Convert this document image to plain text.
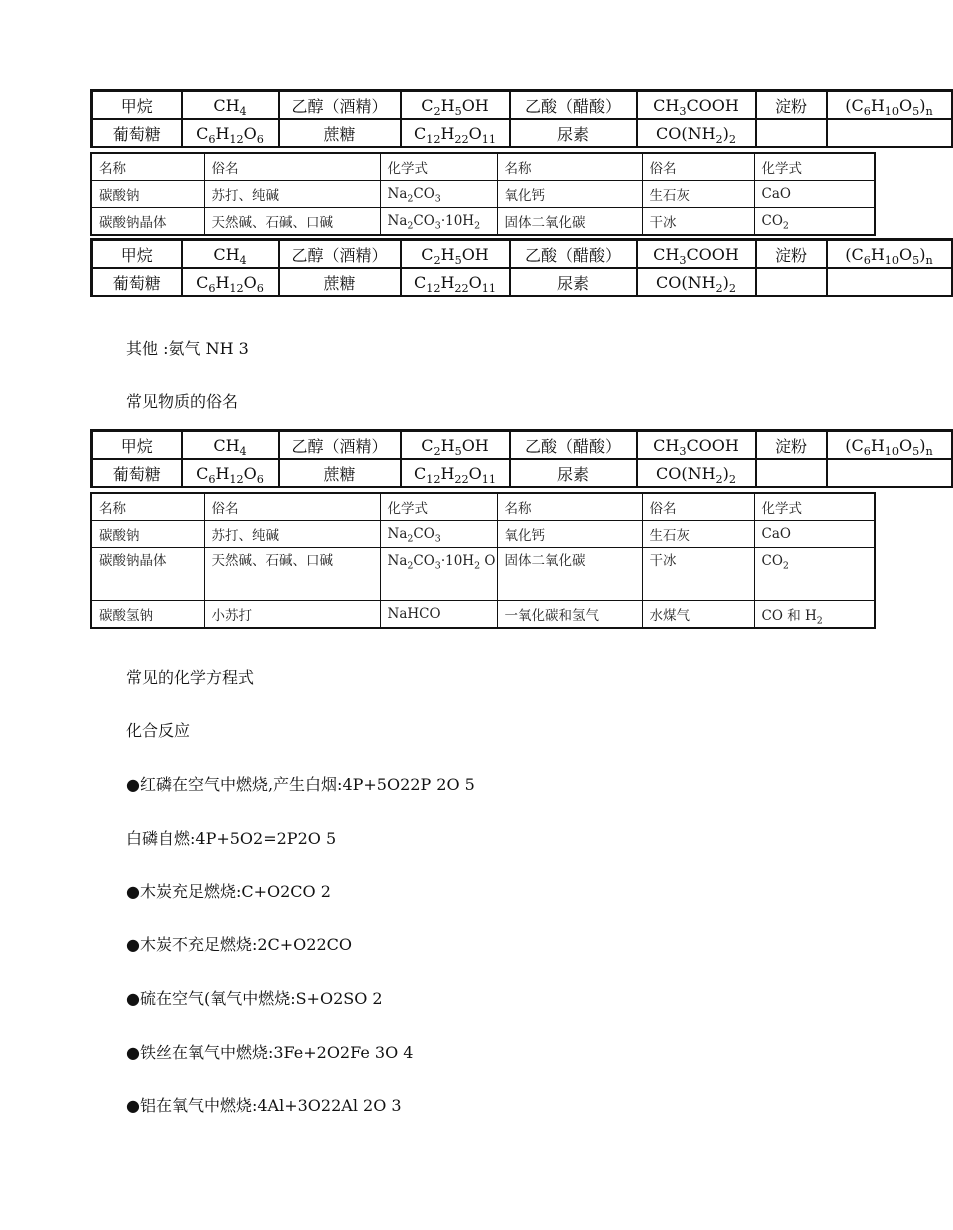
甲烷	$CH_4$	乙醇（酒精）	$C_2H_5OH$	乙酸（醋酸）	$CH_3COOH$	淀粉	$(C_6H_{10}O_5)_n$
葡萄糖	$C_6H_{12}O_6$	蔗糖	$C_{12}H_{22}O_{11}$	尿素	$CO(NH_2)_2$		
名称	俗名	化学式	名称	俗名	化学式
碳酸钠	苏打、纯碱	$Na_2CO_3$	氧化钙	生石灰	CaO
碳酸钠晶体	天然碱、石碱、口碱	$Na_2CO_3\cdot 10H_2$	固体二氧化碳	干冰	$CO_2$
甲烷	$CH_4$	乙醇（酒精）	$C_2H_5OH$	乙酸（醋酸）	$CH_3COOH$	淀粉	$(C_6H_{10}O_5)_n$
葡萄糖	$C_6H_{12}O_6$	蔗糖	$C_{12}H_{22}O_{11}$	尿素	$CO(NH_2)_2$		
其他 :氨气 NH 3
常见物质的俗名
甲烷	$CH_4$	乙醇（酒精）	$C_2H_5OH$	乙酸（醋酸）	$CH_3COOH$	淀粉	$(C_6H_{10}O_5)_n$
葡萄糖	$C_6H_{12}O_6$	蔗糖	$C_{12}H_{22}O_{11}$	尿素	$CO(NH_2)_2$		
名称	俗名	化学式	名称	俗名	化学式
碳酸钠	苏打、纯碱	$Na_2CO_3$	氧化钙	生石灰	CaO
碳酸钠晶体	天然碱、石碱、口碱	$Na_2CO_3\cdot 10H_2$ O	固体二氧化碳	干冰	$CO_2$
碳酸氢钠	小苏打	NaHCO	一氧化碳和氢气	水煤气	CO 和 $H_2$
常见的化学方程式
化合反应
●红磷在空气中燃烧,产生白烟:4P+5O22P 2O 5
白磷自燃:4P+5O2=2P2O 5
●木炭充足燃烧:C+O2CO 2
●木炭不充足燃烧:2C+O22CO
●硫在空气(氧气中燃烧:S+O2SO 2
●铁丝在氧气中燃烧:3Fe+2O2Fe 3O 4
●铝在氧气中燃烧:4Al+3O22Al 2O 3
